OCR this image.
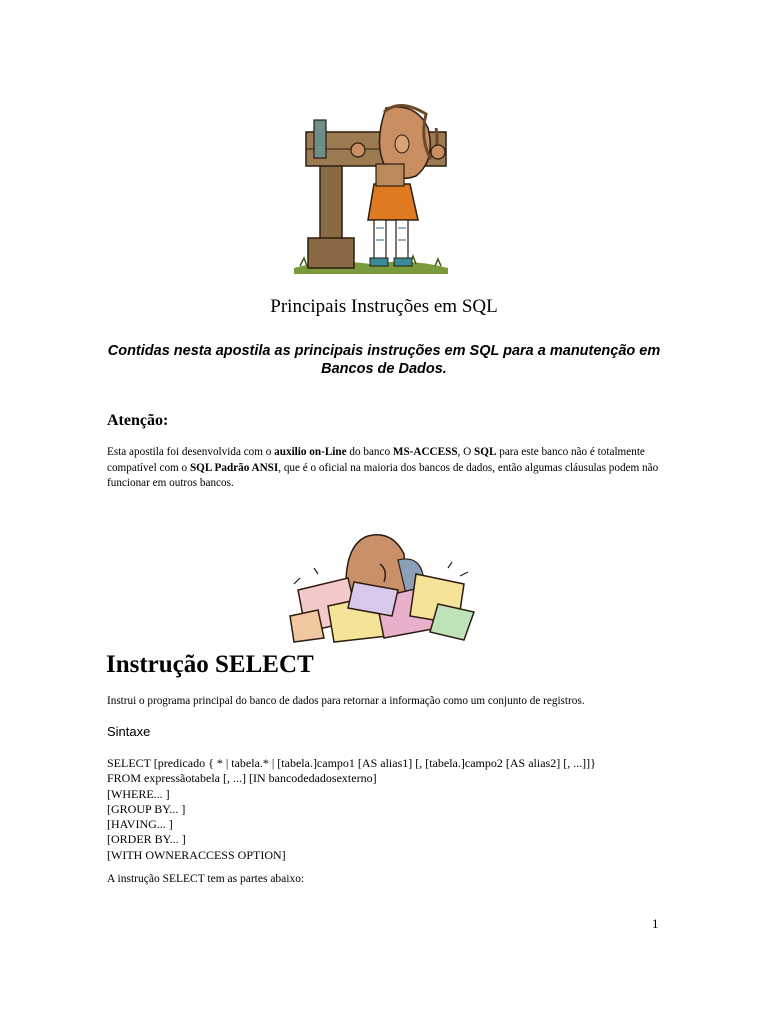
Principais Instruções em SQL
Contidas nesta apostila as principais instruções em SQL para a manutenção em Bancos de Dados.
Atenção:
Esta apostila foi desenvolvida com o auxilio on-Line do banco MS-ACCESS, O SQL para este banco não é totalmente compatível com o SQL Padrão ANSI, que é o oficial na maioria dos bancos de dados, então algumas cláusulas podem não funcionar em outros bancos.
Instrução SELECT
Instrui o programa principal do banco de dados para retornar a informação como um conjunto de registros.
Sintaxe
SELECT [predicado { * | tabela.* | [tabela.]campo1 [AS alias1] [, [tabela.]campo2 [AS alias2] [, ...]]}
FROM expressãotabela [, ...] [IN bancodedadosexterno]
[WHERE... ]
[GROUP BY... ]
[HAVING... ]
[ORDER BY... ]
[WITH OWNERACCESS OPTION]
A instrução SELECT tem as partes abaixo:
1
